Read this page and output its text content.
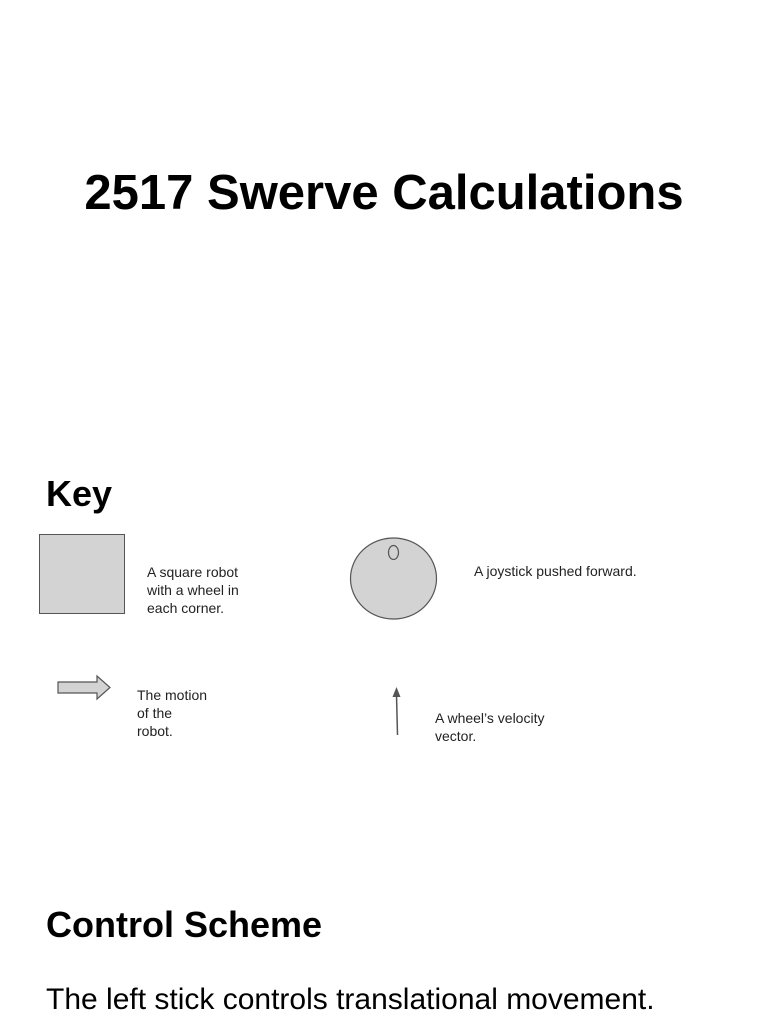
2517 Swerve Calculations
Key

A square robot
with a wheel in
each corner.

A joystick pushed forward.

The motion
of the
robot.

A wheel’s velocity
vector.

Control Scheme

The left stick controls translational movement.
